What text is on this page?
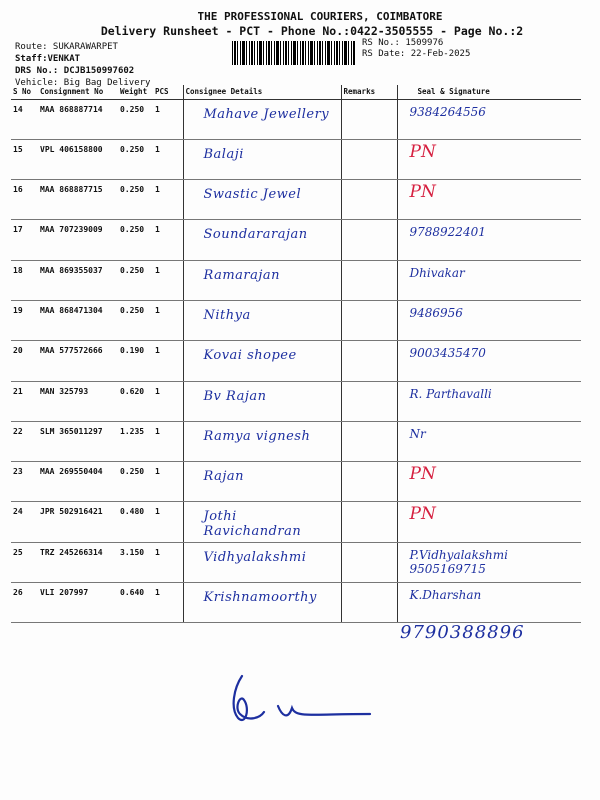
THE PROFESSIONAL COURIERS, COIMBATORE
Delivery Runsheet - PCT - Phone No.:0422-3505555 - Page No.:2
Route: SUKARAWARPET
Staff:VENKAT
DRS No.: DCJB150997602
Vehicle: Big Bag Delivery
RS No.: 1509976
RS Date: 22-Feb-2025
S No	Consignment No	Weight	PCS	Consignee Details	Remarks	Seal & Signature
14	MAA 868887714	0.250	1	Mahave Jewellery		9384264556

15	VPL 406158800	0.250	1	Balaji		PN

16	MAA 868887715	0.250	1	Swastic Jewel		PN

17	MAA 707239009	0.250	1	Soundararajan		9788922401

18	MAA 869355037	0.250	1	Ramarajan		Dhivakar

19	MAA 868471304	0.250	1	Nithya		9486956

20	MAA 577572666	0.190	1	Kovai shopee		9003435470

21	MAN 325793	0.620	1	Bv Rajan		R. Parthavalli

22	SLM 365011297	1.235	1	Ramya vignesh		Nr

23	MAA 269550404	0.250	1	Rajan		PN

24	JPR 502916421	0.480	1	Jothi Ravichandran		PN

25	TRZ 245266314	3.150	1	Vidhyalakshmi		P.Vidhyalakshmi 9505169715

26	VLI 207997	0.640	1	Krishnamoorthy		K.Dharshan
9790388896
